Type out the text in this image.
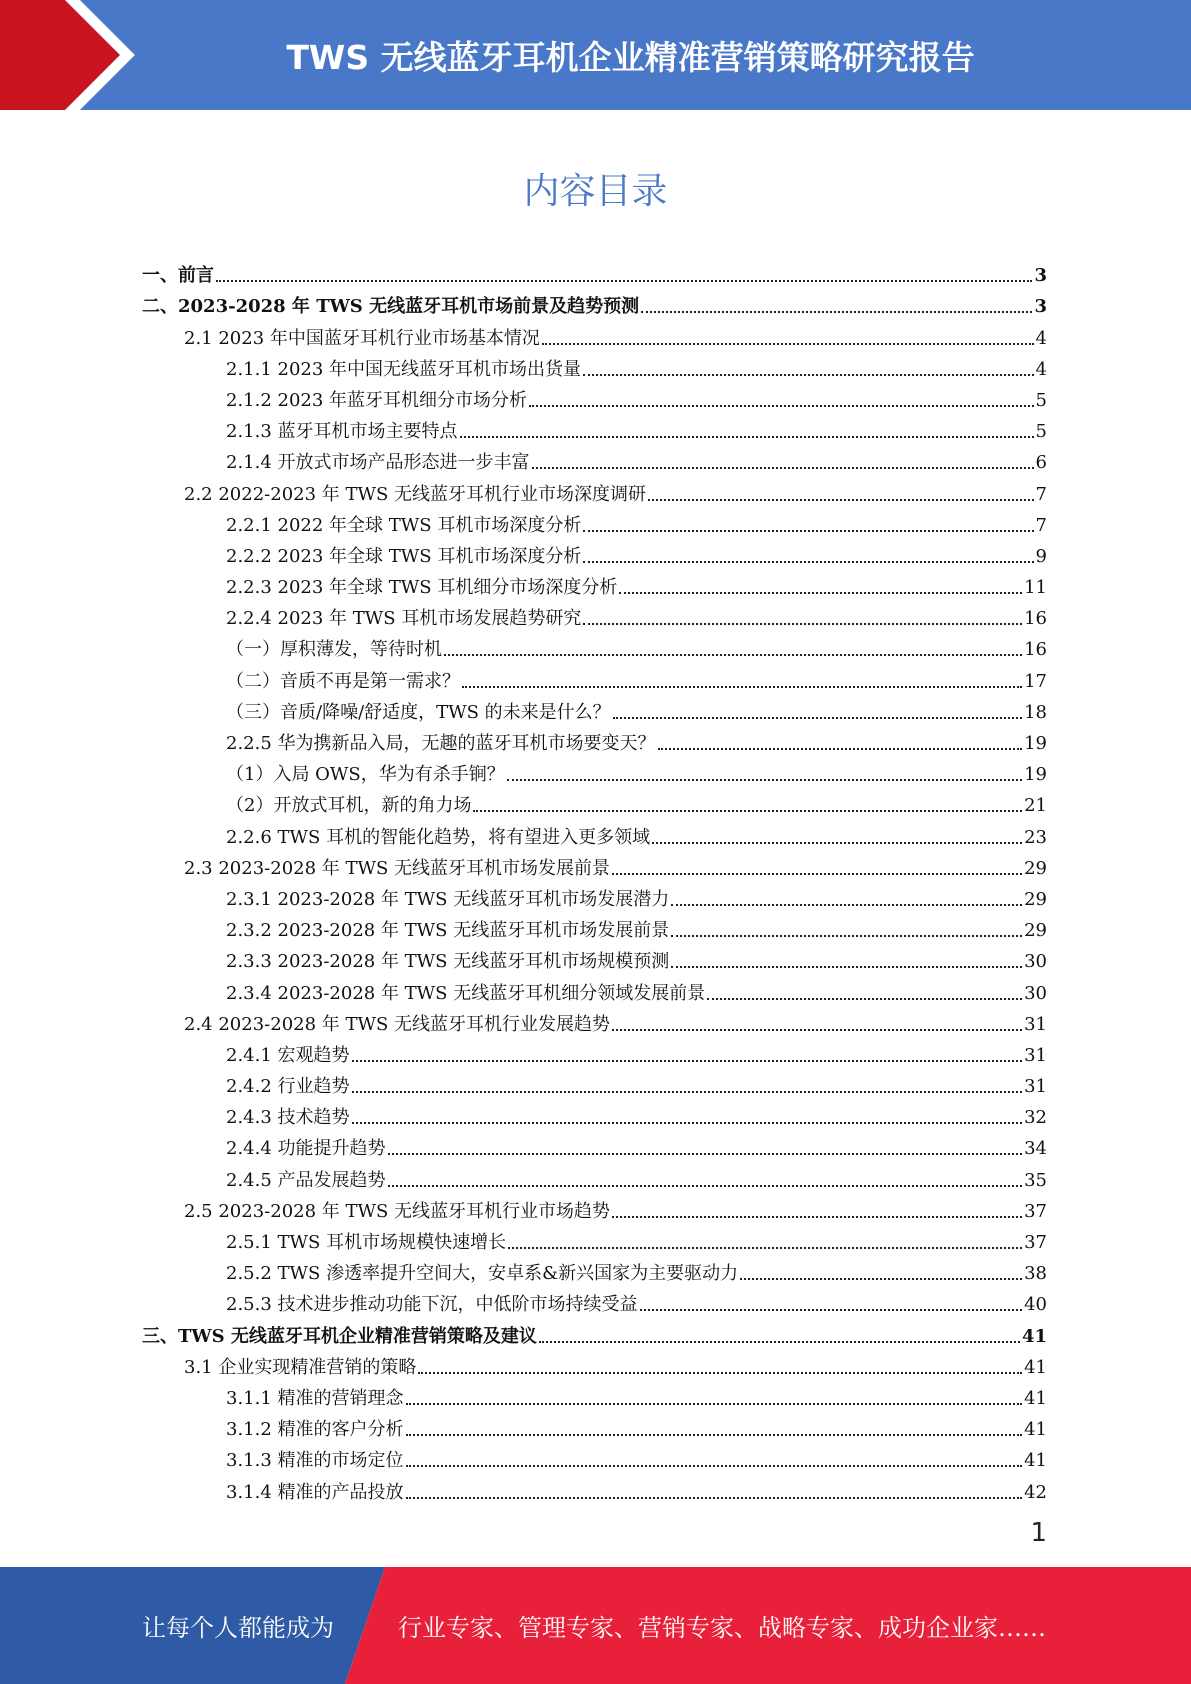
TWS 无线蓝牙耳机企业精准营销策略研究报告
内容目录
一、前言	3
二、2023-2028 年 TWS 无线蓝牙耳机市场前景及趋势预测	3
2.1 2023 年中国蓝牙耳机行业市场基本情况	4
2.1.1 2023 年中国无线蓝牙耳机市场出货量	4
2.1.2 2023 年蓝牙耳机细分市场分析	5
2.1.3 蓝牙耳机市场主要特点	5
2.1.4 开放式市场产品形态进一步丰富	6
2.2 2022-2023 年 TWS 无线蓝牙耳机行业市场深度调研	7
2.2.1 2022 年全球 TWS 耳机市场深度分析	7
2.2.2 2023 年全球 TWS 耳机市场深度分析	9
2.2.3 2023 年全球 TWS 耳机细分市场深度分析	11
2.2.4 2023 年 TWS 耳机市场发展趋势研究	16
（一）厚积薄发，等待时机	16
（二）音质不再是第一需求？	17
（三）音质/降噪/舒适度，TWS 的未来是什么？	18
2.2.5 华为携新品入局，无趣的蓝牙耳机市场要变天？	19
（1）入局 OWS，华为有杀手锏？	19
（2）开放式耳机，新的角力场	21
2.2.6 TWS 耳机的智能化趋势，将有望进入更多领域	23
2.3 2023-2028 年 TWS 无线蓝牙耳机市场发展前景	29
2.3.1 2023-2028 年 TWS 无线蓝牙耳机市场发展潜力	29
2.3.2 2023-2028 年 TWS 无线蓝牙耳机市场发展前景	29
2.3.3 2023-2028 年 TWS 无线蓝牙耳机市场规模预测	30
2.3.4 2023-2028 年 TWS 无线蓝牙耳机细分领域发展前景	30
2.4 2023-2028 年 TWS 无线蓝牙耳机行业发展趋势	31
2.4.1 宏观趋势	31
2.4.2 行业趋势	31
2.4.3 技术趋势	32
2.4.4 功能提升趋势	34
2.4.5 产品发展趋势	35
2.5 2023-2028 年 TWS 无线蓝牙耳机行业市场趋势	37
2.5.1 TWS 耳机市场规模快速增长	37
2.5.2 TWS 渗透率提升空间大，安卓系&新兴国家为主要驱动力	38
2.5.3 技术进步推动功能下沉，中低阶市场持续受益	40
三、TWS 无线蓝牙耳机企业精准营销策略及建议	41
3.1 企业实现精准营销的策略	41
3.1.1 精准的营销理念	41
3.1.2 精准的客户分析	41
3.1.3 精准的市场定位	41
3.1.4 精准的产品投放	42
1
让每个人都能成为	行业专家、管理专家、营销专家、战略专家、成功企业家……
